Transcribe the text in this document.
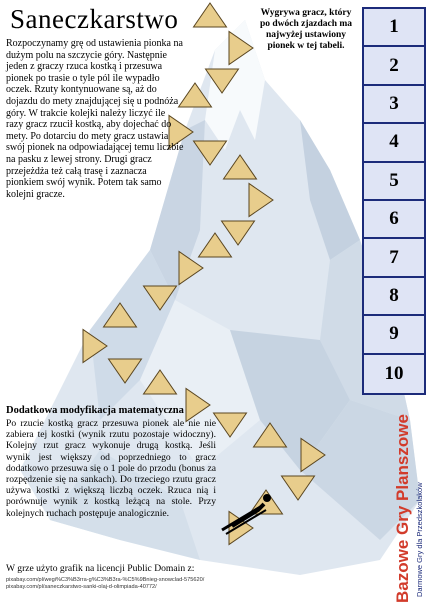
Saneczkarstwo
Rozpoczynamy grę od ustawienia pionka na dużym polu na szczycie góry. Następnie jeden z graczy rzuca kostką i przesuwa pionek po trasie o tyle pól ile wypadło oczek. Rzuty kontynuowane są, aż do dojazdu do mety znajdującej się u podnóża góry. W trakcie kolejki należy liczyć ile razy gracz rzucił kostką, aby dojechać do mety. Po dotarciu do mety gracz ustawia swój pionek na odpowiadającej temu liczbie na pasku z lewej strony. Drugi gracz przejeżdża też całą trasę i zaznacza pionkiem swój wynik. Potem tak samo kolejni gracze.
Wygrywa gracz, który po dwóch zjazdach ma najwyżej ustawiony pionek w tej tabeli.
1
2
3
4
5
6
7
8
9
10
Dodatkowa modyfikacja matematyczna
Po rzucie kostką gracz przesuwa pionek ale nie nie zabiera tej kostki (wynik rzutu pozostaje widoczny). Kolejny rzut gracz wykonuje drugą kostką. Jeśli wynik jest większy od poprzedniego to gracz dodatkowo przesuwa się o 1 pole do przodu (bonus za rozpędzenie się na sankach). Do trzeciego rzutu gracz używa kostki z większą liczbą oczek. Rzuca nią i porównuje wynik z kostką leżącą na stole. Przy kolejnych ruchach postępuje analogicznie.
W grze użyto grafik na licencji Public Domain z:
pixabay.com/pl/wegi%C3%B3rra-g%C3%B3ra-%C5%9Bnieg-snowclad-575620/ pixabay.com/pl/saneczkarstwo-sanki-olaj-d-olimpiada-40772/	Bazowe Gry Planszowe Darmowe Gry dla Przedszkolaków
